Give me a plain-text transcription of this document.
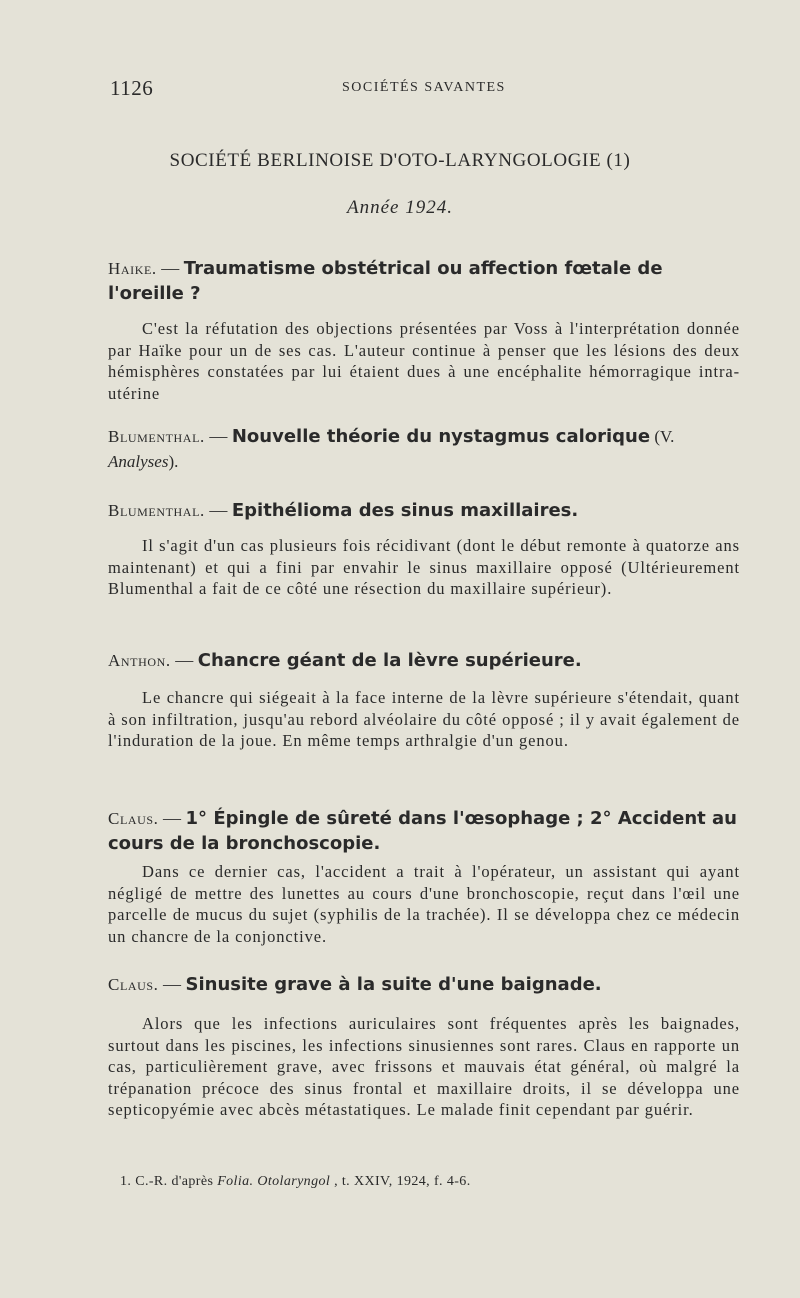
1126	SOCIÉTÉS SAVANTES
SOCIÉTÉ BERLINOISE D'OTO-LARYNGOLOGIE (1)
Année 1924.
Haike. — Traumatisme obstétrical ou affection fœtale de l'oreille ?
C'est la réfutation des objections présentées par Voss à l'interprétation donnée par Haïke pour un de ses cas. L'auteur continue à penser que les lésions des deux hémisphères constatées par lui étaient dues à une encéphalite hémorragique intra-utérine
Blumenthal. — Nouvelle théorie du nystagmus calorique (V. Analyses).
Blumenthal. — Epithélioma des sinus maxillaires.
Il s'agit d'un cas plusieurs fois récidivant (dont le début remonte à quatorze ans maintenant) et qui a fini par envahir le sinus maxillaire opposé (Ultérieurement Blumenthal a fait de ce côté une résection du maxillaire supérieur).
Anthon. — Chancre géant de la lèvre supérieure.
Le chancre qui siégeait à la face interne de la lèvre supérieure s'étendait, quant à son infiltration, jusqu'au rebord alvéolaire du côté opposé ; il y avait également de l'induration de la joue. En même temps arthralgie d'un genou.
Claus. — 1° Épingle de sûreté dans l'œsophage ; 2° Accident au cours de la bronchoscopie.
Dans ce dernier cas, l'accident a trait à l'opérateur, un assistant qui ayant négligé de mettre des lunettes au cours d'une bronchoscopie, reçut dans l'œil une parcelle de mucus du sujet (syphilis de la trachée). Il se développa chez ce médecin un chancre de la conjonctive.
Claus. — Sinusite grave à la suite d'une baignade.
Alors que les infections auriculaires sont fréquentes après les baignades, surtout dans les piscines, les infections sinusiennes sont rares. Claus en rapporte un cas, particulièrement grave, avec frissons et mauvais état général, où malgré la trépanation précoce des sinus frontal et maxillaire droits, il se développa une septicopyémie avec abcès métastatiques. Le malade finit cependant par guérir.
1. C.-R. d'après Folia. Otolaryngol , t. XXIV, 1924, f. 4-6.
